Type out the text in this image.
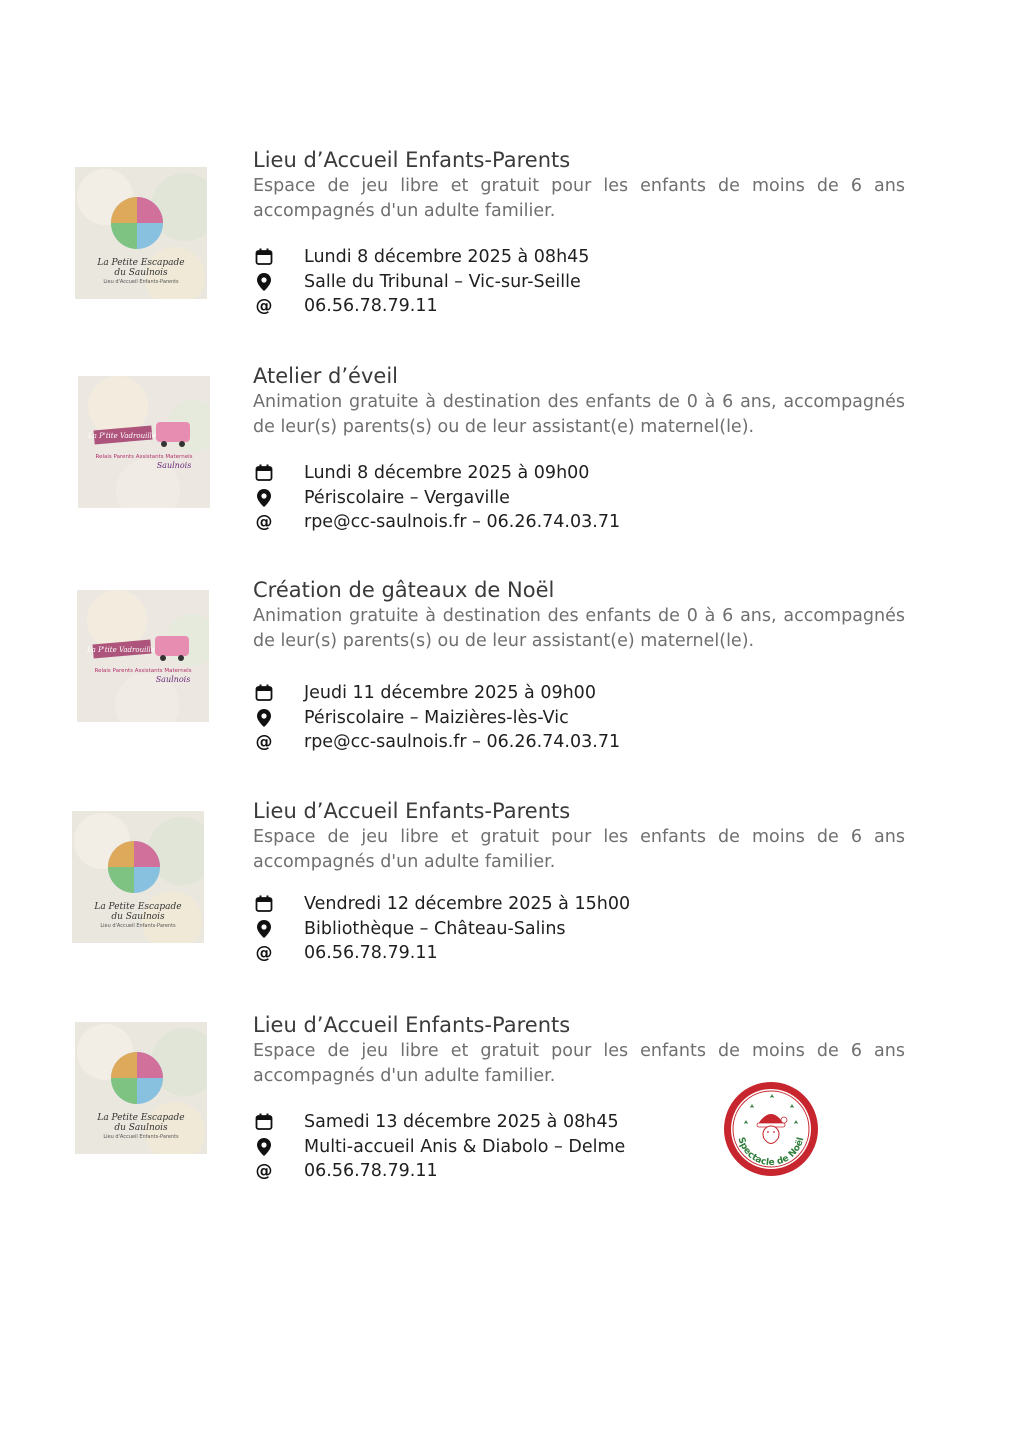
La Petite Escapade
du Saulnois
Lieu d'Accueil Enfants-Parents
Lieu d’Accueil Enfants-Parents

Espace de jeu libre et gratuit pour les enfants de moins de 6 ans

accompagnés d'un adulte familier.

Lundi 8 décembre 2025 à 08h45
Salle du Tribunal – Vic-sur-Seille
@ 06.56.78.79.11
La P'tite Vadrouille
Relais Parents Assistants Maternels
Saulnois
Atelier d’éveil

Animation gratuite à destination des enfants de 0 à 6 ans, accompagnés

de leur(s) parents(s) ou de leur assistant(e) maternel(le).

Lundi 8 décembre 2025 à 09h00
Périscolaire – Vergaville
@ rpe@cc-saulnois.fr – 06.26.74.03.71
La P'tite Vadrouille
Relais Parents Assistants Maternels
Saulnois
Création de gâteaux de Noël

Animation gratuite à destination des enfants de 0 à 6 ans, accompagnés

de leur(s) parents(s) ou de leur assistant(e) maternel(le).

Jeudi 11 décembre 2025 à 09h00
Périscolaire – Maizières-lès-Vic
@ rpe@cc-saulnois.fr – 06.26.74.03.71
La Petite Escapade
du Saulnois
Lieu d'Accueil Enfants-Parents
Lieu d’Accueil Enfants-Parents

Espace de jeu libre et gratuit pour les enfants de moins de 6 ans

accompagnés d'un adulte familier.

Vendredi 12 décembre 2025 à 15h00
Bibliothèque – Château-Salins
@ 06.56.78.79.11
La Petite Escapade
du Saulnois
Lieu d'Accueil Enfants-Parents
Lieu d’Accueil Enfants-Parents

Espace de jeu libre et gratuit pour les enfants de moins de 6 ans

accompagnés d'un adulte familier.

Samedi 13 décembre 2025 à 08h45
Multi-accueil Anis & Diabolo – Delme
@ 06.56.78.79.11
Spectacle de Noël
